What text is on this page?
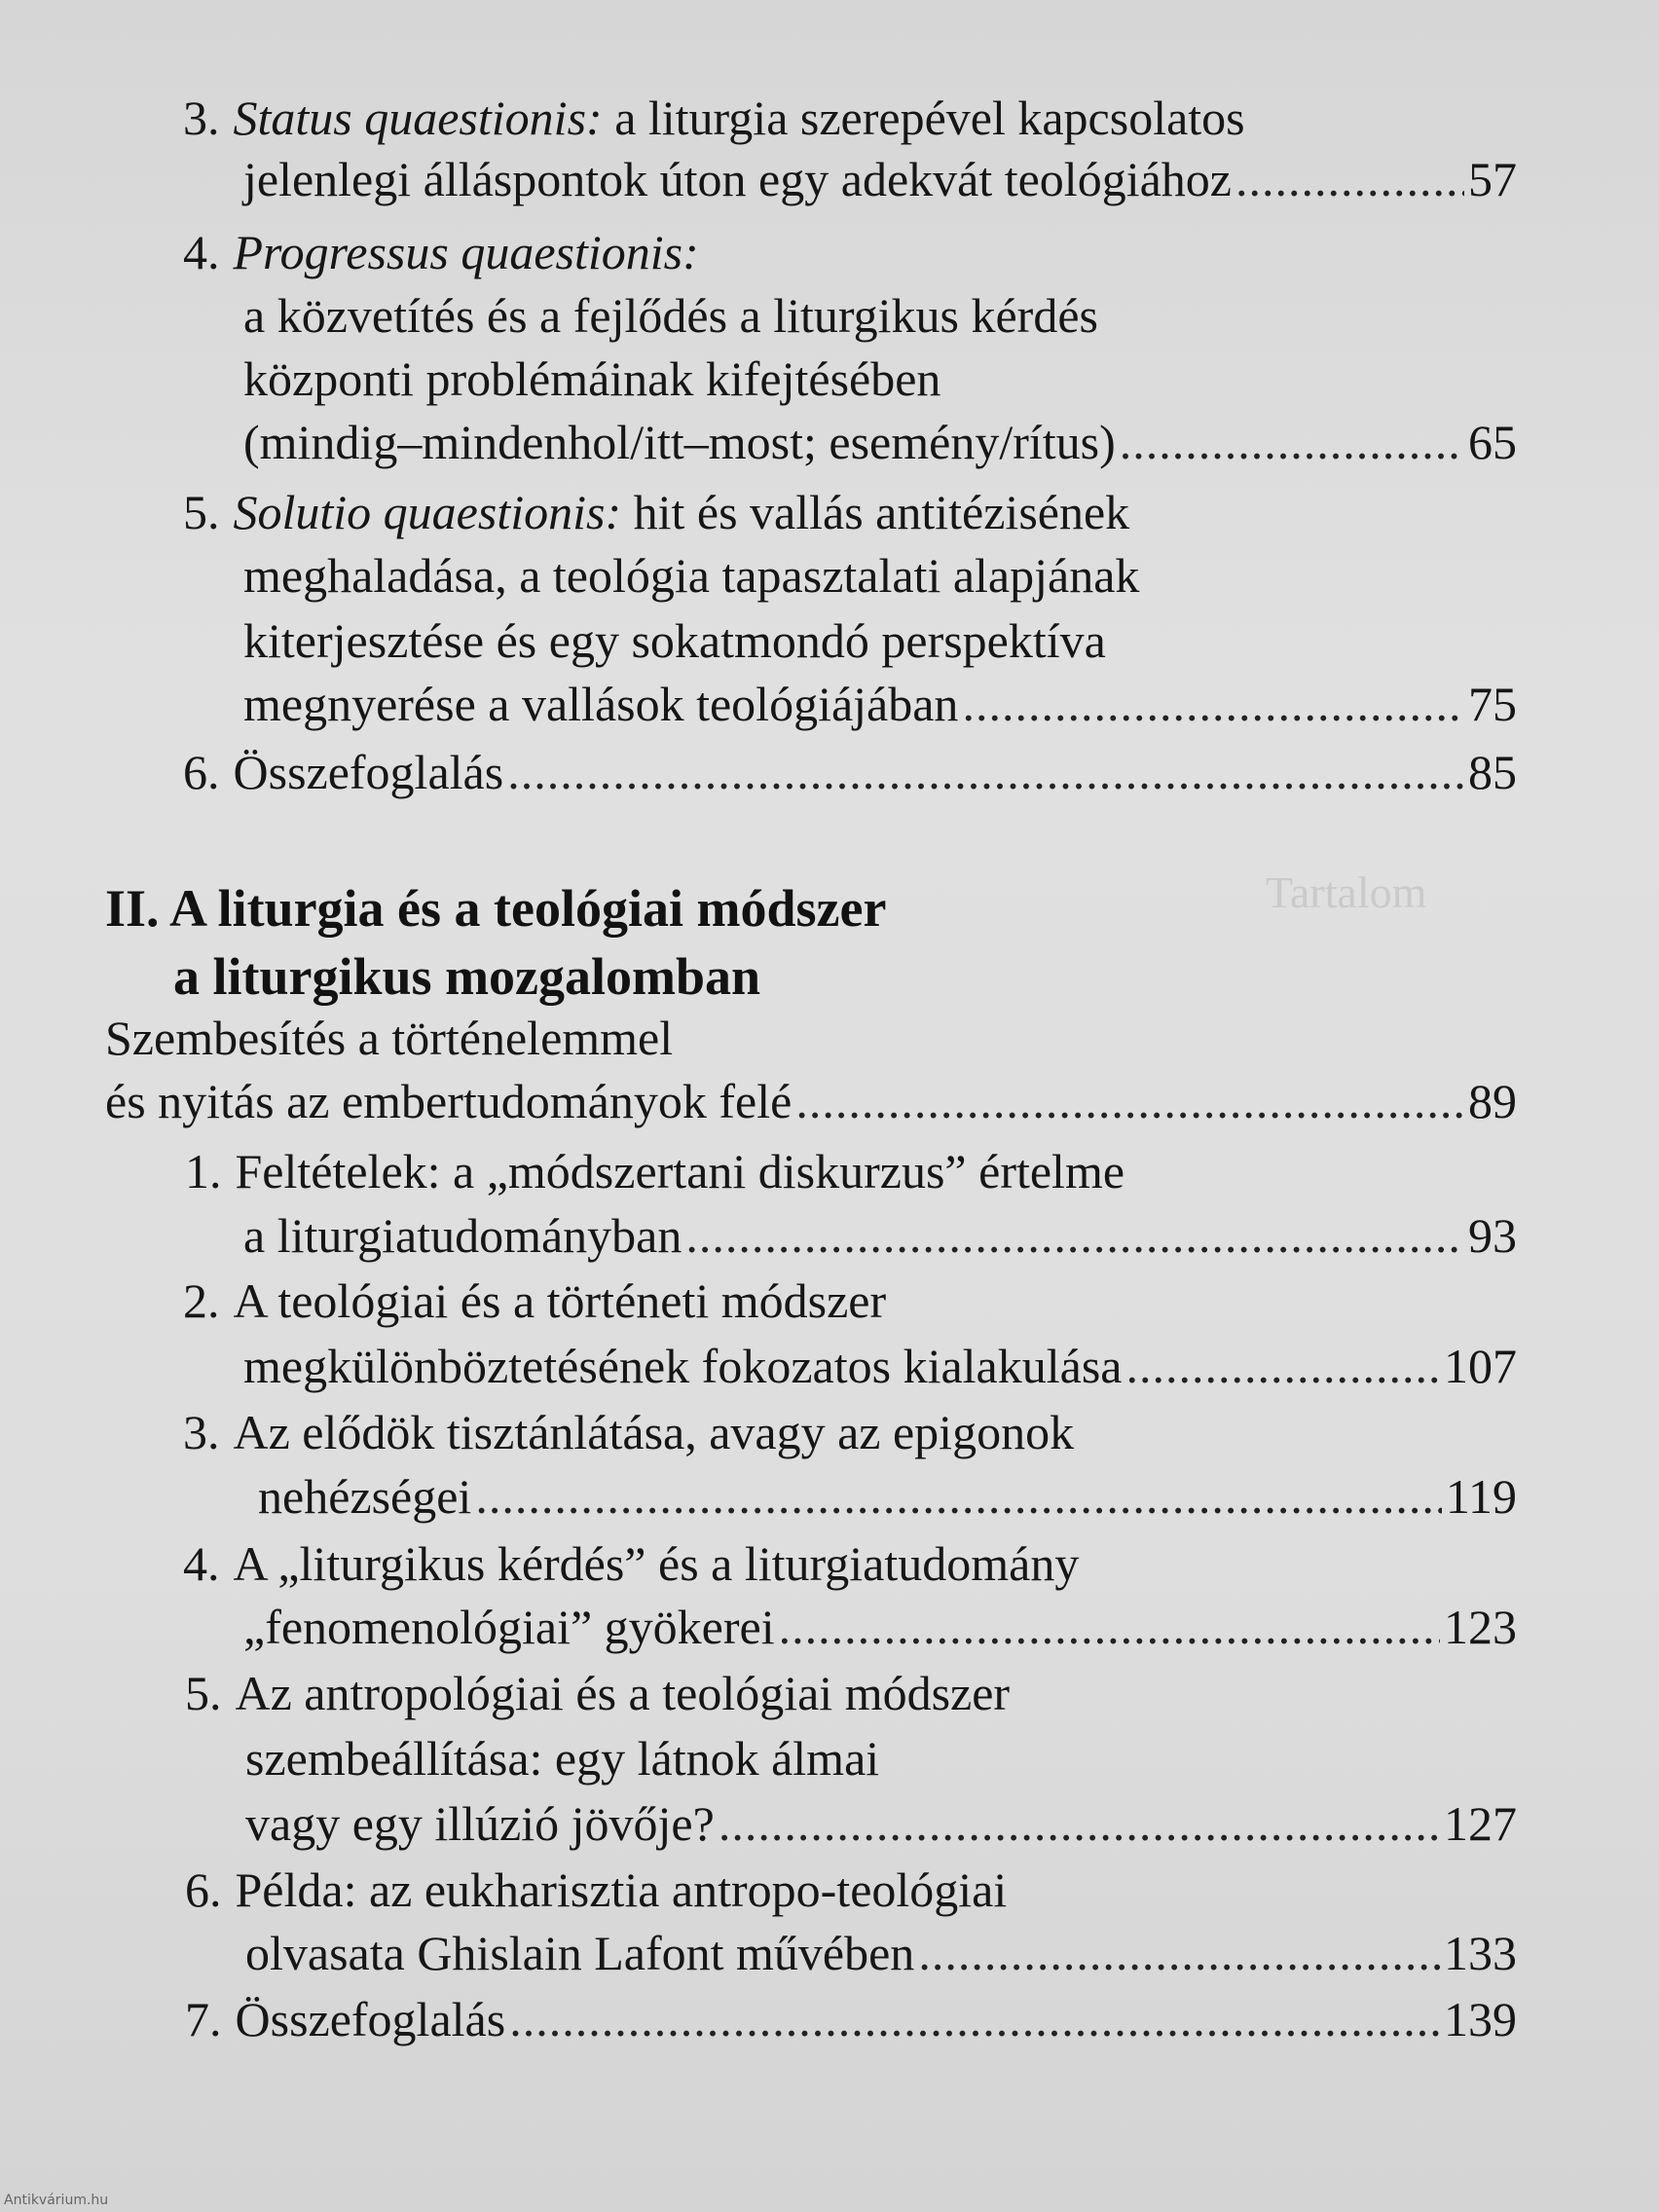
Tartalom
3. Status quaestionis: a liturgia szerepével kapcsolatos
jelenlegi álláspontok úton egy adekvát teológiához .....	57
4. Progressus quaestionis:
a közvetítés és a fejlődés a liturgikus kérdés
központi problémáinak kifejtésében
(mindig–mindenhol/itt–most; esemény/rítus) .....	65
5. Solutio quaestionis: hit és vallás antitézisének
meghaladása, a teológia tapasztalati alapjának
kiterjesztése és egy sokatmondó perspektíva
megnyerése a vallások teológiájában .....	75
6. Összefoglalás .....	85
II. A liturgia és a teológiai módszer
a liturgikus mozgalomban
Szembesítés a történelemmel
és nyitás az embertudományok felé .....	89
1. Feltételek: a „módszertani diskurzus” értelme
a liturgiatudományban .....	93
2. A teológiai és a történeti módszer
megkülönböztetésének fokozatos kialakulása .....	107
3. Az elődök tisztánlátása, avagy az epigonok
nehézségei .....	119
4. A „liturgikus kérdés” és a liturgiatudomány
„fenomenológiai” gyökerei .....	123
5. Az antropológiai és a teológiai módszer
szembeállítása: egy látnok álmai
vagy egy illúzió jövője? .....	127
6. Példa: az eukharisztia antropo-teológiai
olvasata Ghislain Lafont művében .....	133
7. Összefoglalás .....	139
Antikvárium.hu
